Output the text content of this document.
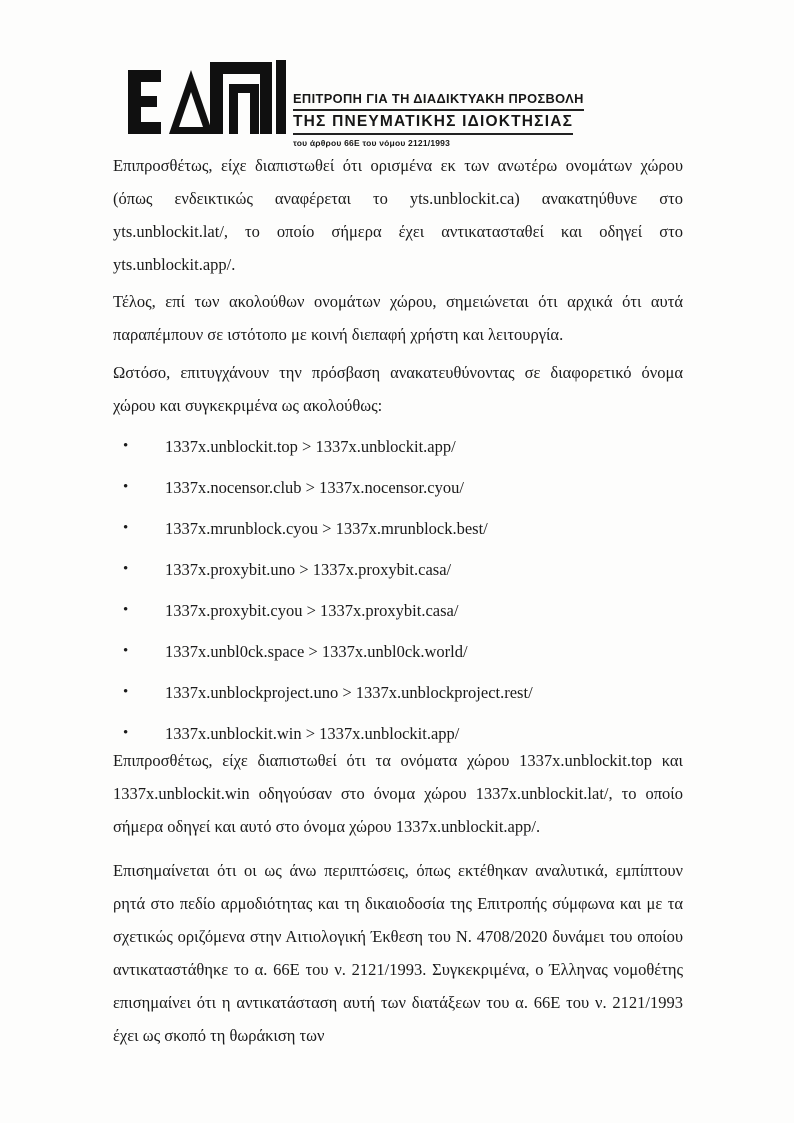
ΕΠΙΤΡΟΠΗ ΓΙΑ ΤΗ ΔΙΑΔΙΚΤΥΑΚΗ ΠΡΟΣΒΟΛΗ
ΤΗΣ ΠΝΕΥΜΑΤΙΚΗΣ ΙΔΙΟΚΤΗΣΙΑΣ
του άρθρου 66Ε του νόμου 2121/1993

Επιπροσθέτως, είχε διαπιστωθεί ότι ορισμένα εκ των ανωτέρω ονομάτων χώρου (όπως ενδεικτικώς αναφέρεται το yts.unblockit.ca) ανακατηύθυνε στο yts.unblockit.lat/, το οποίο σήμερα έχει αντικατασταθεί και οδηγεί στο yts.unblockit.app/.

Τέλος, επί των ακολούθων ονομάτων χώρου, σημειώνεται ότι αρχικά ότι αυτά παραπέμπουν σε ιστότοπο με κοινή διεπαφή χρήστη και λειτουργία.

Ωστόσο, επιτυγχάνουν την πρόσβαση ανακατευθύνοντας σε διαφορετικό όνομα χώρου και συγκεκριμένα ως ακολούθως:

• 1337x.unblockit.top > 1337x.unblockit.app/
• 1337x.nocensor.club > 1337x.nocensor.cyou/
• 1337x.mrunblock.cyou > 1337x.mrunblock.best/
• 1337x.proxybit.uno > 1337x.proxybit.casa/
• 1337x.proxybit.cyou > 1337x.proxybit.casa/
• 1337x.unbl0ck.space > 1337x.unbl0ck.world/
• 1337x.unblockproject.uno > 1337x.unblockproject.rest/
• 1337x.unblockit.win > 1337x.unblockit.app/

Επιπροσθέτως, είχε διαπιστωθεί ότι τα ονόματα χώρου 1337x.unblockit.top και 1337x.unblockit.win οδηγούσαν στο όνομα χώρου 1337x.unblockit.lat/, το οποίο σήμερα οδηγεί και αυτό στο όνομα χώρου 1337x.unblockit.app/.

Επισημαίνεται ότι οι ως άνω περιπτώσεις, όπως εκτέθηκαν αναλυτικά, εμπίπτουν ρητά στο πεδίο αρμοδιότητας και τη δικαιοδοσία της Επιτροπής σύμφωνα και με τα σχετικώς οριζόμενα στην Αιτιολογική Έκθεση του Ν. 4708/2020 δυνάμει του οποίου αντικαταστάθηκε το α. 66Ε του ν. 2121/1993. Συγκεκριμένα, ο Έλληνας νομοθέτης επισημαίνει ότι η αντικατάσταση αυτή των διατάξεων του α. 66Ε του ν. 2121/1993 έχει ως σκοπό τη θωράκιση των
